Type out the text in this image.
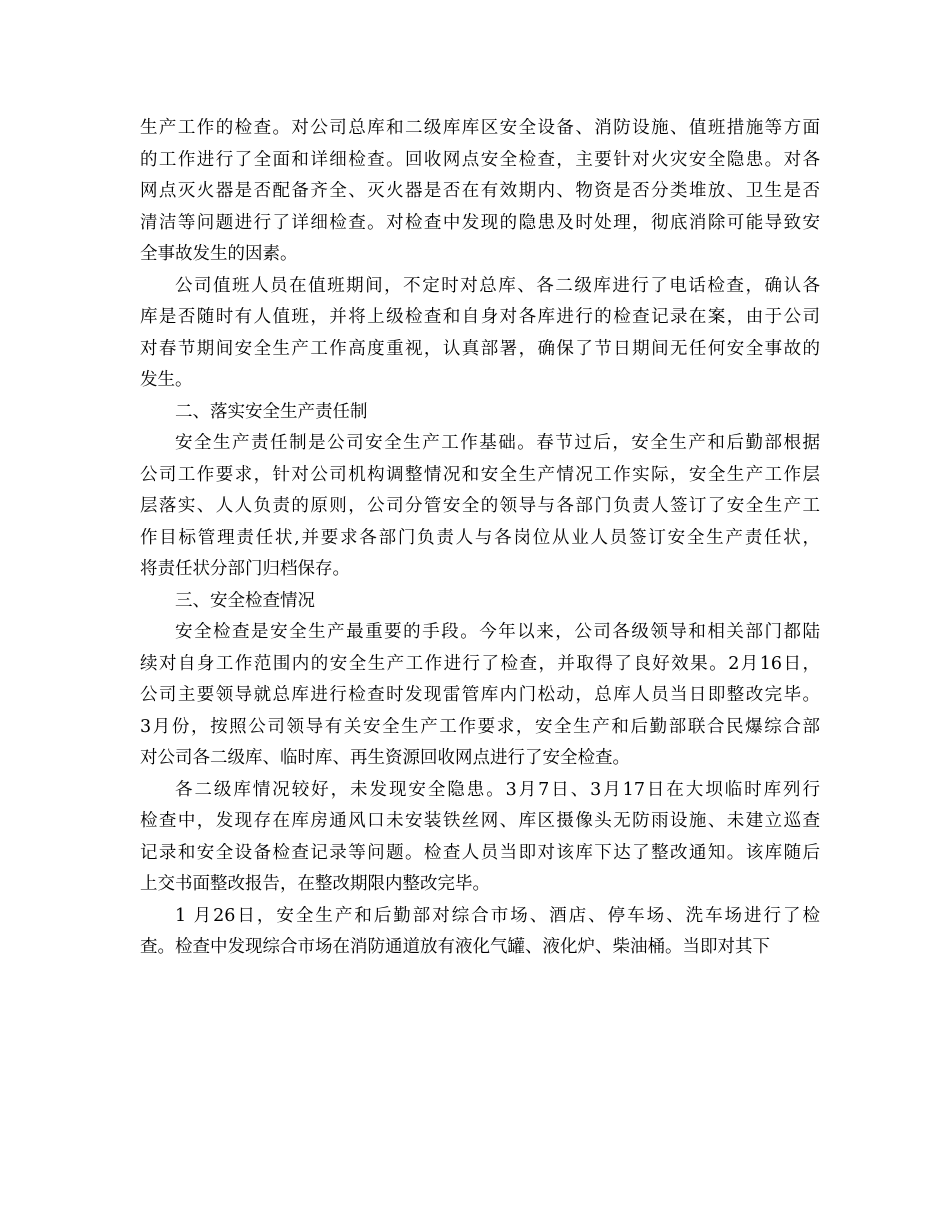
生产工作的检查。对公司总库和二级库库区安全设备、消防设施、值班措施等方面
的工作进行了全面和详细检查。回收网点安全检查，主要针对火灾安全隐患。对各
网点灭火器是否配备齐全、灭火器是否在有效期内、物资是否分类堆放、卫生是否
清洁等问题进行了详细检查。对检查中发现的隐患及时处理，彻底消除可能导致安
全事故发生的因素。
公司值班人员在值班期间，不定时对总库、各二级库进行了电话检查，确认各
库是否随时有人值班，并将上级检查和自身对各库进行的检查记录在案，由于公司
对春节期间安全生产工作高度重视，认真部署，确保了节日期间无任何安全事故的
发生。
二、落实安全生产责任制
安全生产责任制是公司安全生产工作基础。春节过后，安全生产和后勤部根据
公司工作要求，针对公司机构调整情况和安全生产情况工作实际，安全生产工作层
层落实、人人负责的原则，公司分管安全的领导与各部门负责人签订了安全生产工
作目标管理责任状,并要求各部门负责人与各岗位从业人员签订安全生产责任状，
将责任状分部门归档保存。
三、安全检查情况
安全检查是安全生产最重要的手段。今年以来，公司各级领导和相关部门都陆
续对自身工作范围内的安全生产工作进行了检查，并取得了良好效果。2月16日，
公司主要领导就总库进行检查时发现雷管库内门松动，总库人员当日即整改完毕。
3月份，按照公司领导有关安全生产工作要求，安全生产和后勤部联合民爆综合部
对公司各二级库、临时库、再生资源回收网点进行了安全检查。
各二级库情况较好，未发现安全隐患。3月7日、3月17日在大坝临时库列行
检查中，发现存在库房通风口未安装铁丝网、库区摄像头无防雨设施、未建立巡查
记录和安全设备检查记录等问题。检查人员当即对该库下达了整改通知。该库随后
上交书面整改报告，在整改期限内整改完毕。
1 月26日，安全生产和后勤部对综合市场、酒店、停车场、洗车场进行了检
查。检查中发现综合市场在消防通道放有液化气罐、液化炉、柴油桶。当即对其下
